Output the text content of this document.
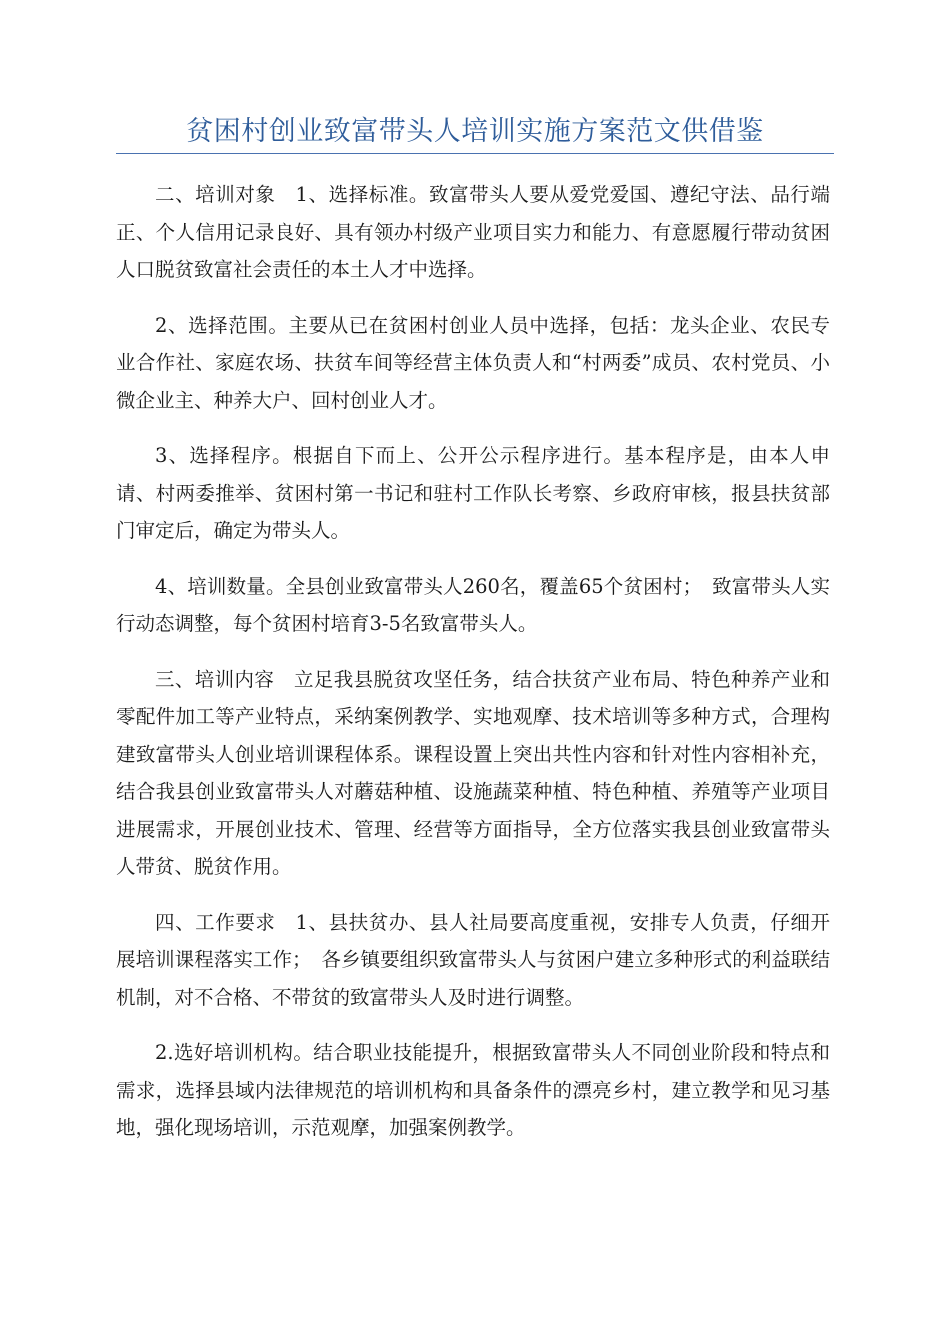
贫困村创业致富带头人培训实施方案范文供借鉴

二、培训对象　1、选择标准。致富带头人要从爱党爱国、遵纪守法、品行端正、个人信用记录良好、具有领办村级产业项目实力和能力、有意愿履行带动贫困人口脱贫致富社会责任的本土人才中选择。

2、选择范围。主要从已在贫困村创业人员中选择，包括：龙头企业、农民专业合作社、家庭农场、扶贫车间等经营主体负责人和“村两委”成员、农村党员、小微企业主、种养大户、回村创业人才。

3、选择程序。根据自下而上、公开公示程序进行。基本程序是，由本人申请、村两委推举、贫困村第一书记和驻村工作队长考察、乡政府审核，报县扶贫部门审定后，确定为带头人。

4、培训数量。全县创业致富带头人260名，覆盖65个贫困村；　致富带头人实行动态调整，每个贫困村培育3-5名致富带头人。

三、培训内容　立足我县脱贫攻坚任务，结合扶贫产业布局、特色种养产业和零配件加工等产业特点，采纳案例教学、实地观摩、技术培训等多种方式，合理构建致富带头人创业培训课程体系。课程设置上突出共性内容和针对性内容相补充，结合我县创业致富带头人对蘑菇种植、设施蔬菜种植、特色种植、养殖等产业项目进展需求，开展创业技术、管理、经营等方面指导，全方位落实我县创业致富带头人带贫、脱贫作用。

四、工作要求　1、县扶贫办、县人社局要高度重视，安排专人负责，仔细开展培训课程落实工作；　各乡镇要组织致富带头人与贫困户建立多种形式的利益联结机制，对不合格、不带贫的致富带头人及时进行调整。

2.选好培训机构。结合职业技能提升，根据致富带头人不同创业阶段和特点和需求，选择县域内法律规范的培训机构和具备条件的漂亮乡村，建立教学和见习基地，强化现场培训，示范观摩，加强案例教学。
